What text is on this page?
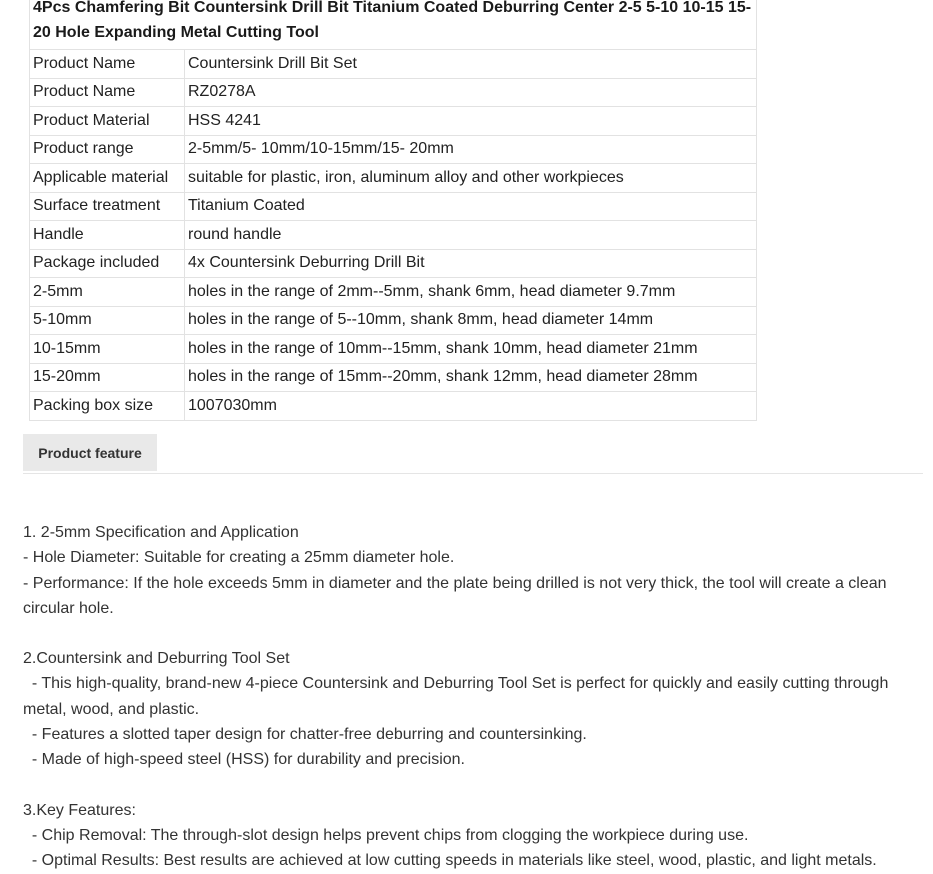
4Pcs Chamfering Bit Countersink Drill Bit Titanium Coated Deburring Center 2-5 5-10 10-15 15-20 Hole Expanding Metal Cutting Tool	
Product Name	Countersink Drill Bit Set
Product Name	RZ0278A
Product Material	HSS 4241
Product range	2-5mm/5- 10mm/10-15mm/15- 20mm
Applicable material	suitable for plastic, iron, aluminum alloy and other workpieces
Surface treatment	Titanium Coated
Handle	round handle
Package included	4x Countersink Deburring Drill Bit
2-5mm	holes in the range of 2mm--5mm, shank 6mm, head diameter 9.7mm
5-10mm	holes in the range of 5--10mm, shank 8mm, head diameter 14mm
10-15mm	holes in the range of 10mm--15mm, shank 10mm, head diameter 21mm
15-20mm	holes in the range of 15mm--20mm, shank 12mm, head diameter 28mm
Packing box size	1007030mm
Product feature

1. 2-5mm Specification and Application

- Hole Diameter: Suitable for creating a 25mm diameter hole.

- Performance: If the hole exceeds 5mm in diameter and the plate being drilled is not very thick, the tool will create a clean circular hole.

2.Countersink and Deburring Tool Set

- This high-quality, brand-new 4-piece Countersink and Deburring Tool Set is perfect for quickly and easily cutting through metal, wood, and plastic.

- Features a slotted taper design for chatter-free deburring and countersinking.

- Made of high-speed steel (HSS) for durability and precision.

3.Key Features:

- Chip Removal: The through-slot design helps prevent chips from clogging the workpiece during use.

- Optimal Results: Best results are achieved at low cutting speeds in materials like steel, wood, plastic, and light metals.
